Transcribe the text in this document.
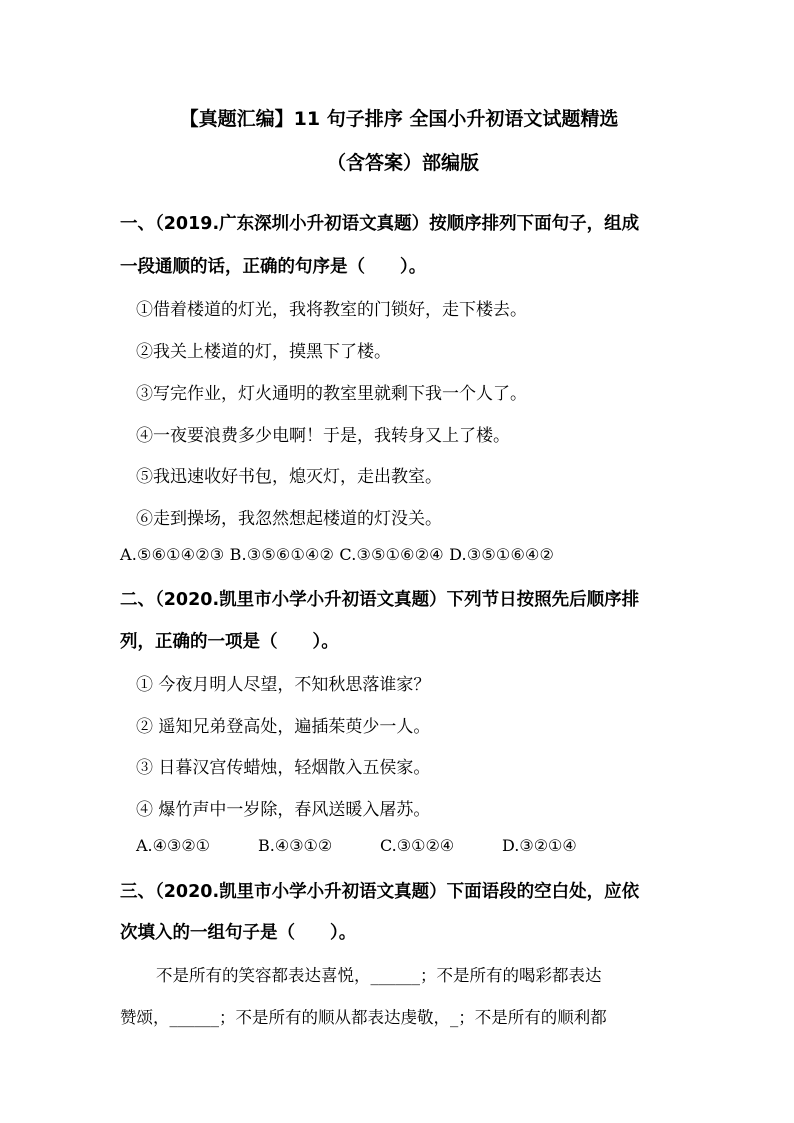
【真题汇编】11 句子排序 全国小升初语文试题精选
（含答案）部编版
一、（2019.广东深圳小升初语文真题）按顺序排列下面句子，组成
一段通顺的话，正确的句序是（　　）。
①借着楼道的灯光，我将教室的门锁好，走下楼去。
②我关上楼道的灯，摸黑下了楼。
③写完作业，灯火通明的教室里就剩下我一个人了。
④一夜要浪费多少电啊！于是，我转身又上了楼。
⑤我迅速收好书包，熄灭灯，走出教室。
⑥走到操场，我忽然想起楼道的灯没关。
A.⑤⑥①④②③ B.③⑤⑥①④② C.③⑤①⑥②④ D.③⑤①⑥④②
二、（2020.凯里市小学小升初语文真题）下列节日按照先后顺序排
列，正确的一项是（　　）。
① 今夜月明人尽望，不知秋思落谁家？
② 遥知兄弟登高处，遍插茱萸少一人。
③ 日暮汉宫传蜡烛，轻烟散入五侯家。
④ 爆竹声中一岁除，春风送暖入屠苏。
A.④③②①	B.④③①②	C.③①②④	D.③②①④
三、（2020.凯里市小学小升初语文真题）下面语段的空白处，应依
次填入的一组句子是（　　）。
不是所有的笑容都表达喜悦，______；不是所有的喝彩都表达
赞颂，______；不是所有的顺从都表达虔敬，_；不是所有的顺利都
